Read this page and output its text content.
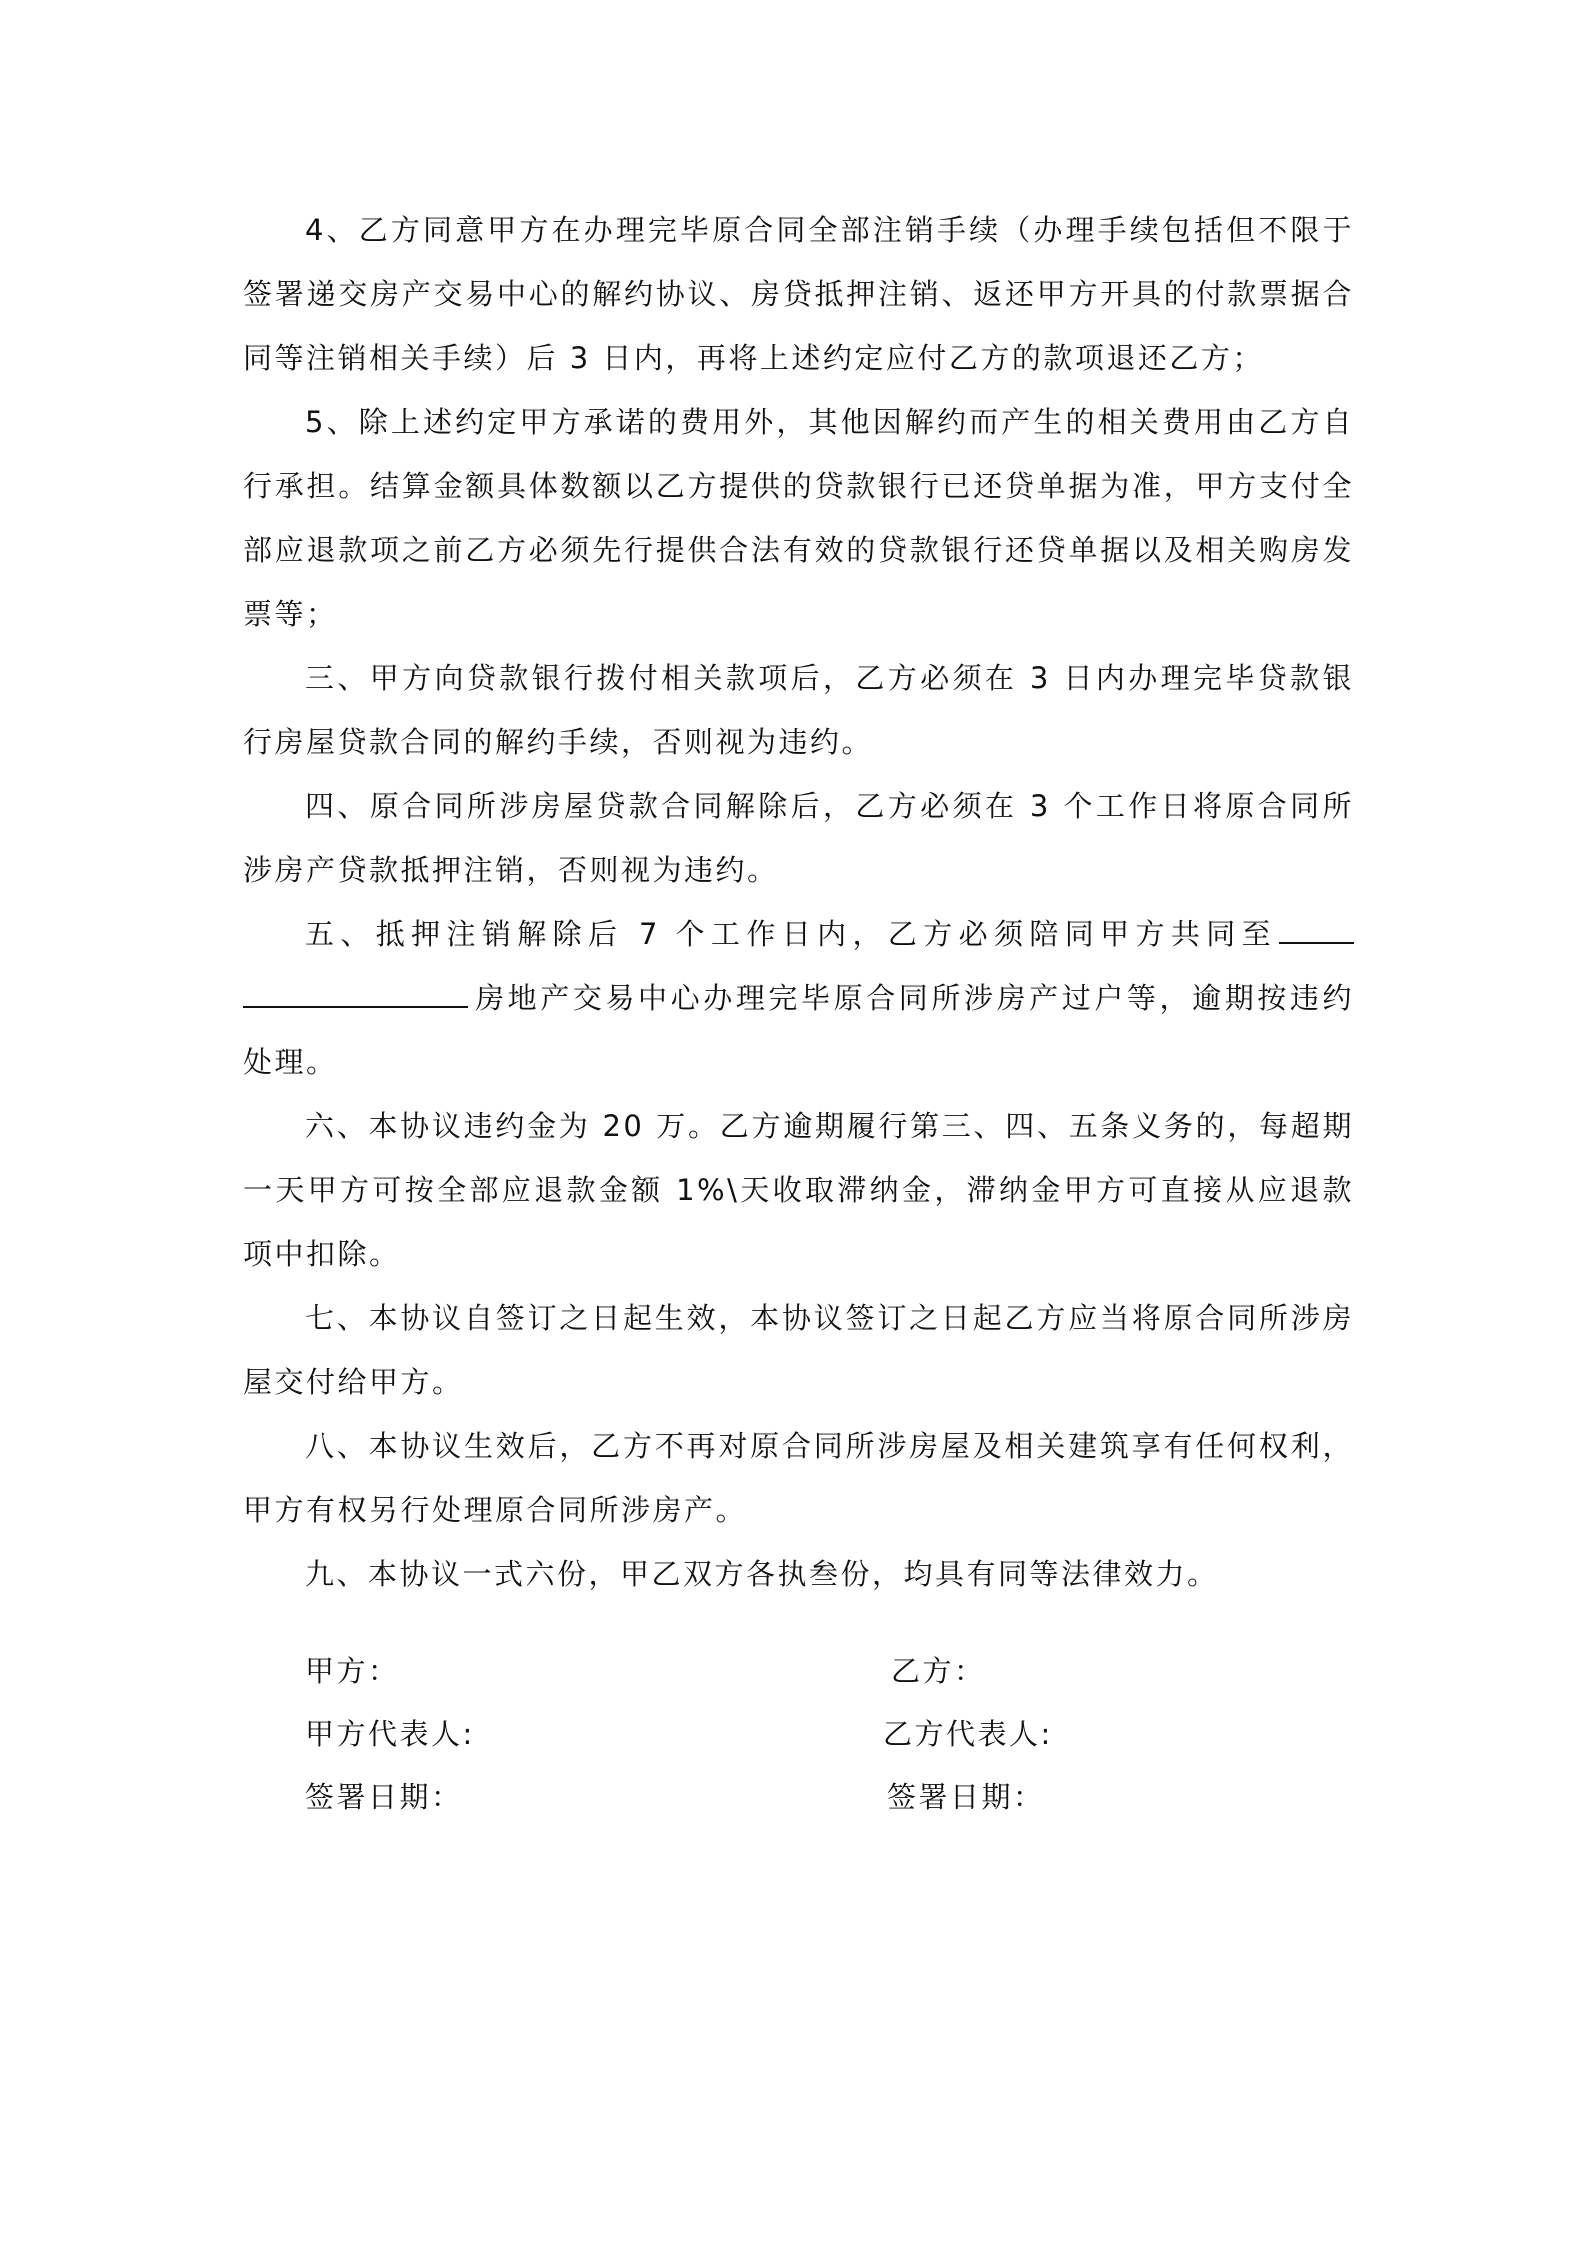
4、乙方同意甲方在办理完毕原合同全部注销手续（办理手续包括但不限于签署递交房产交易中心的解约协议、房贷抵押注销、返还甲方开具的付款票据合同等注销相关手续）后 3 日内，再将上述约定应付乙方的款项退还乙方；

5、除上述约定甲方承诺的费用外，其他因解约而产生的相关费用由乙方自行承担。结算金额具体数额以乙方提供的贷款银行已还贷单据为准，甲方支付全部应退款项之前乙方必须先行提供合法有效的贷款银行还贷单据以及相关购房发票等；

三、甲方向贷款银行拨付相关款项后，乙方必须在 3 日内办理完毕贷款银行房屋贷款合同的解约手续，否则视为违约。

四、原合同所涉房屋贷款合同解除后，乙方必须在 3 个工作日将原合同所涉房产贷款抵押注销，否则视为违约。

五、抵押注销解除后 7 个工作日内，乙方必须陪同甲方共同至 房地产交易中心办理完毕原合同所涉房产过户等，逾期按违约处理。

六、本协议违约金为 20 万。乙方逾期履行第三、四、五条义务的，每超期一天甲方可按全部应退款金额 1%\天收取滞纳金，滞纳金甲方可直接从应退款项中扣除。

七、本协议自签订之日起生效，本协议签订之日起乙方应当将原合同所涉房屋交付给甲方。

八、本协议生效后，乙方不再对原合同所涉房屋及相关建筑享有任何权利，甲方有权另行处理原合同所涉房产。

九、本协议一式六份，甲乙双方各执叁份，均具有同等法律效力。

甲方：	乙方：
甲方代表人:	乙方代表人:
签署日期：	签署日期：
